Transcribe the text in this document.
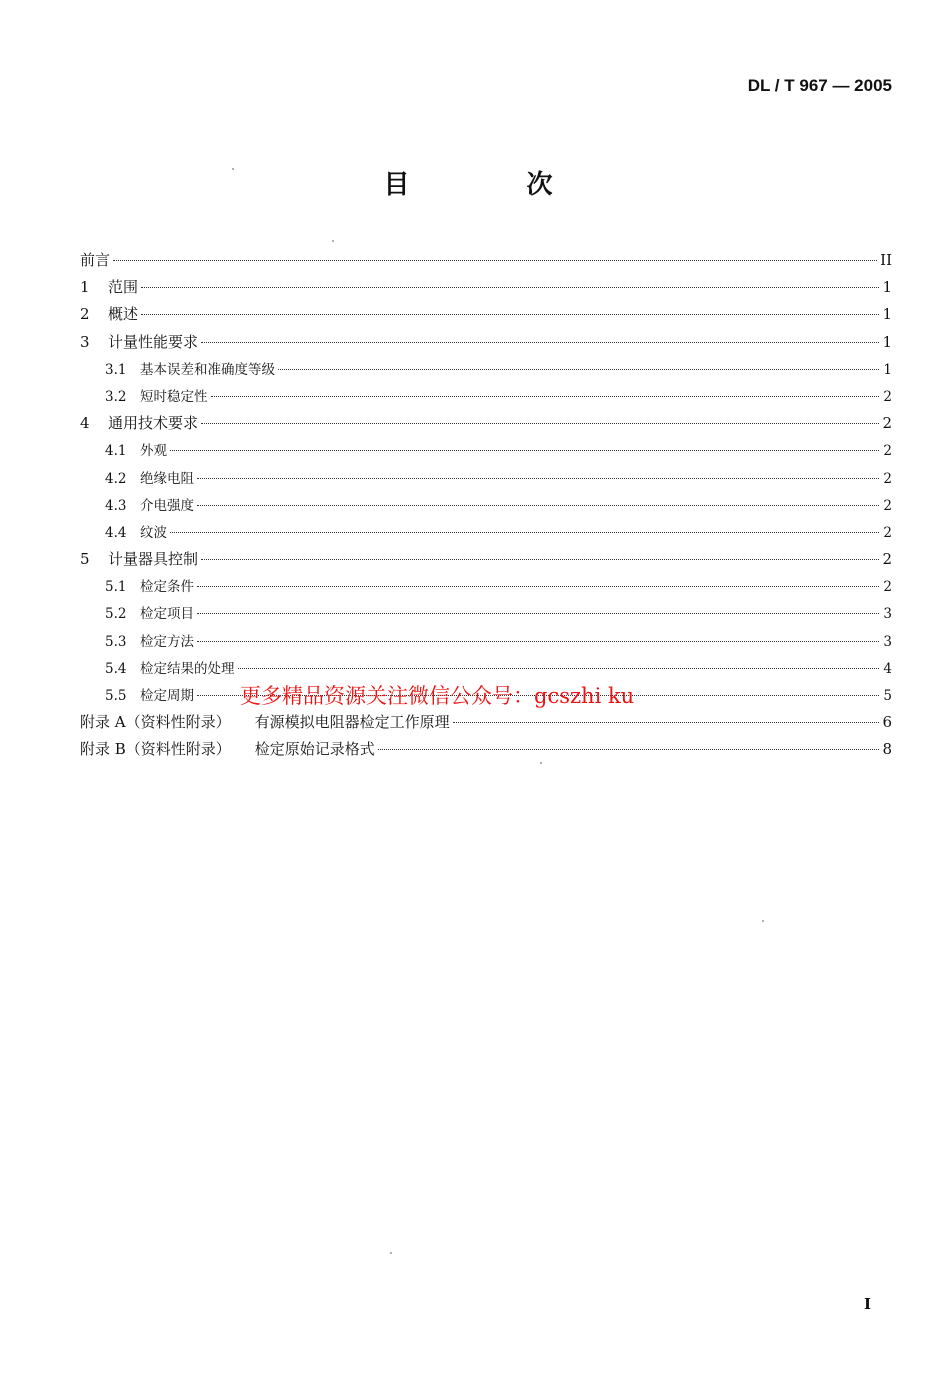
DL / T 967 — 2005
目 次
前言	II
1	范围	1
2	概述	1
3	计量性能要求	1
3.1	基本误差和准确度等级	1
3.2	短时稳定性	2
4	通用技术要求	2
4.1	外观	2
4.2	绝缘电阻	2
4.3	介电强度	2
4.4	纹波	2
5	计量器具控制	2
5.1	检定条件	2
5.2	检定项目	3
5.3	检定方法	3
5.4	检定结果的处理	4
5.5	检定周期	5
附录 A（资料性附录） 有源模拟电阻器检定工作原理	6
附录 B（资料性附录） 检定原始记录格式	8
更多精品资源关注微信公众号：gcszhi ku
I
